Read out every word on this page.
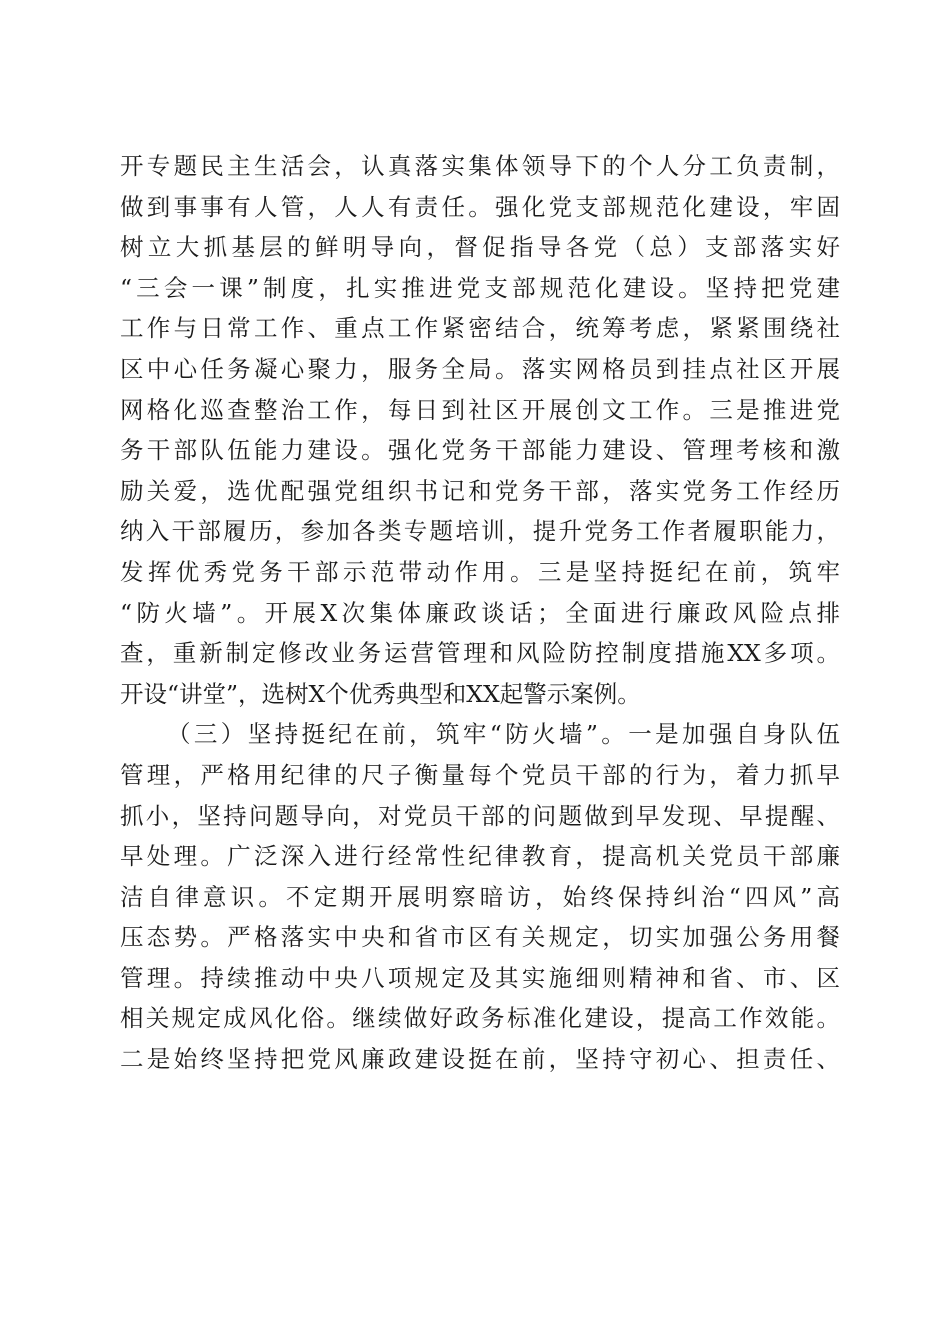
开专题民主生活会，认真落实集体领导下的个人分工负责制，
做到事事有人管，人人有责任。强化党支部规范化建设，牢固
树立大抓基层的鲜明导向，督促指导各党（总）支部落实好
“三会一课”制度，扎实推进党支部规范化建设。坚持把党建
工作与日常工作、重点工作紧密结合，统筹考虑，紧紧围绕社
区中心任务凝心聚力，服务全局。落实网格员到挂点社区开展
网格化巡查整治工作，每日到社区开展创文工作。三是推进党
务干部队伍能力建设。强化党务干部能力建设、管理考核和激
励关爱，选优配强党组织书记和党务干部，落实党务工作经历
纳入干部履历，参加各类专题培训，提升党务工作者履职能力，
发挥优秀党务干部示范带动作用。三是坚持挺纪在前，筑牢
“防火墙”。开展X次集体廉政谈话；全面进行廉政风险点排
查，重新制定修改业务运营管理和风险防控制度措施XX多项。
开设“讲堂”，选树X个优秀典型和XX起警示案例。
（三）坚持挺纪在前，筑牢“防火墙”。一是加强自身队伍
管理，严格用纪律的尺子衡量每个党员干部的行为，着力抓早
抓小，坚持问题导向，对党员干部的问题做到早发现、早提醒、
早处理。广泛深入进行经常性纪律教育，提高机关党员干部廉
洁自律意识。不定期开展明察暗访，始终保持纠治“四风”高
压态势。严格落实中央和省市区有关规定，切实加强公务用餐
管理。持续推动中央八项规定及其实施细则精神和省、市、区
相关规定成风化俗。继续做好政务标准化建设，提高工作效能。
二是始终坚持把党风廉政建设挺在前，坚持守初心、担责任、
